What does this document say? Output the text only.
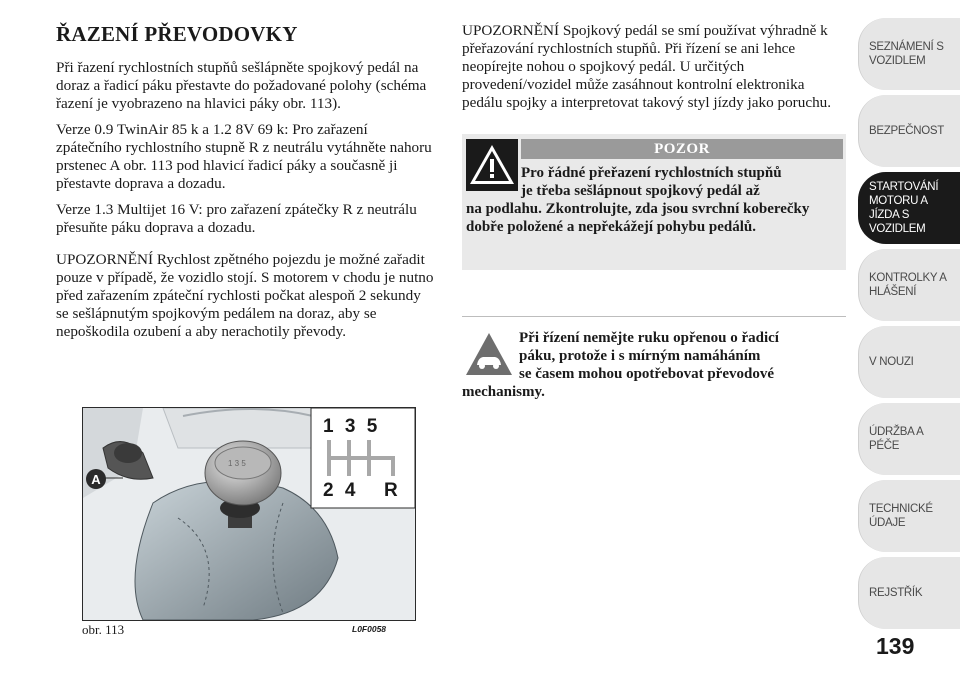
ŘAZENÍ PŘEVODOVKY

Při řazení rychlostních stupňů sešlápněte spojkový pedál na doraz a řadicí páku přestavte do požadované polohy (schéma řazení je vyobrazeno na hlavici páky obr. 113).

Verze 0.9 TwinAir 85 k a 1.2 8V 69 k: Pro zařazení zpátečního rychlostního stupně R z neutrálu vytáhněte nahoru prstenec A obr. 113 pod hlavicí řadicí páky a současně ji přestavte doprava a dozadu.

Verze 1.3 Multijet 16 V: pro zařazení zpátečky R z neutrálu přesuňte páku doprava a dozadu.

UPOZORNĚNÍ Rychlost zpětného pojezdu je možné zařadit pouze v případě, že vozidlo stojí. S motorem v chodu je nutno před zařazením zpáteční rychlosti počkat alespoň 2 sekundy se sešlápnutým spojkovým pedálem na doraz, aby se nepoškodila ozubení a aby nerachotily převody.

1 3 5
A
1 3 5
2 4 R
obr. 113	L0F0058

UPOZORNĚNÍ Spojkový pedál se smí používat výhradně k přeřazování rychlostních stupňů. Při řízení se ani lehce neopírejte nohou o spojkový pedál. U určitých provedení/vozidel může zasáhnout kontrolní elektronika pedálu spojky a interpretovat takový styl jízdy jako poruchu.

POZOR
Pro řádné přeřazení rychlostních stupňů
je třeba sešlápnout spojkový pedál až
na podlahu. Zkontrolujte, zda jsou svrchní koberečky dobře položené a nepřekážejí pohybu pedálů.
Při řízení nemějte ruku opřenou o řadicí
páku, protože i s mírným namáháním
se časem mohou opotřebovat převodové
mechanismy.
SEZNÁMENÍ S VOZIDLEM
BEZPEČNOST
STARTOVÁNÍ MOTORU A JÍZDA S VOZIDLEM
KONTROLKY A HLÁŠENÍ
V NOUZI
ÚDRŽBA A PÉČE
TECHNICKÉ ÚDAJE
REJSTŘÍK
139
